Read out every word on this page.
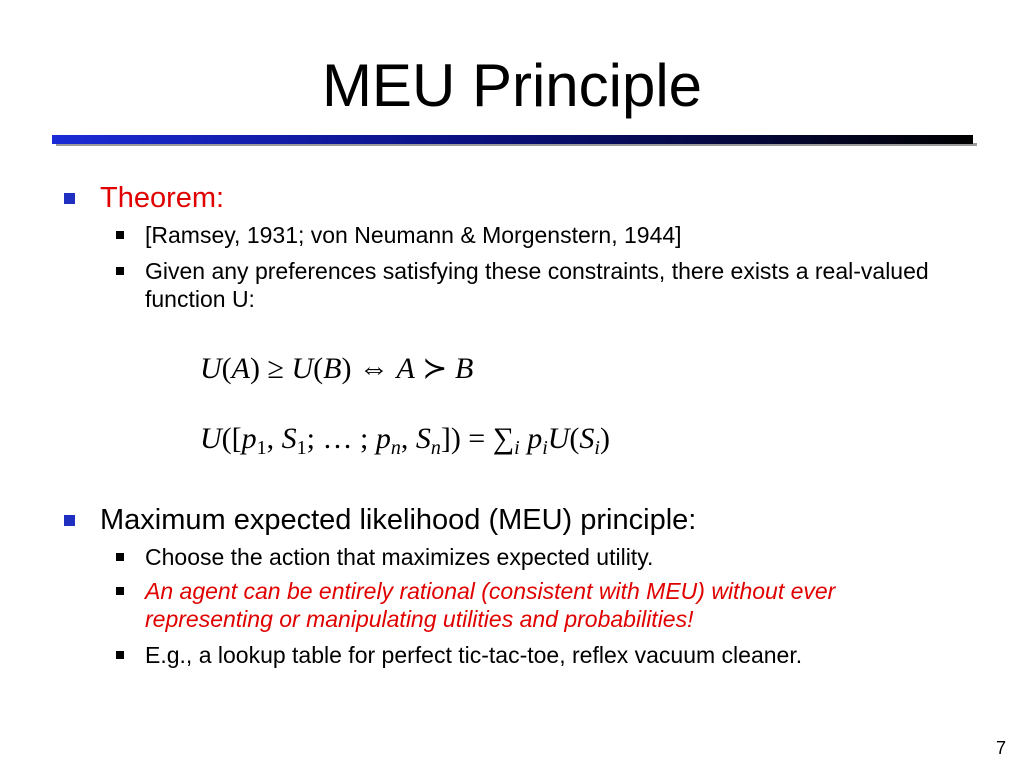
MEU Principle
Theorem:
[Ramsey, 1931; von Neumann & Morgenstern, 1944]
Given any preferences satisfying these constraints, there exists a real-valued function U:
U(A) ≥ U(B) ⇔ A ≻ B
$U([p_1$, $S_1$; … ; $p_n$, $S_n]) = \sum_i$ $p_iU(S_i)$
Maximum expected likelihood (MEU) principle:
Choose the action that maximizes expected utility.
An agent can be entirely rational (consistent with MEU) without ever representing or manipulating utilities and probabilities!
E.g., a lookup table for perfect tic-tac-toe, reflex vacuum cleaner.
7
